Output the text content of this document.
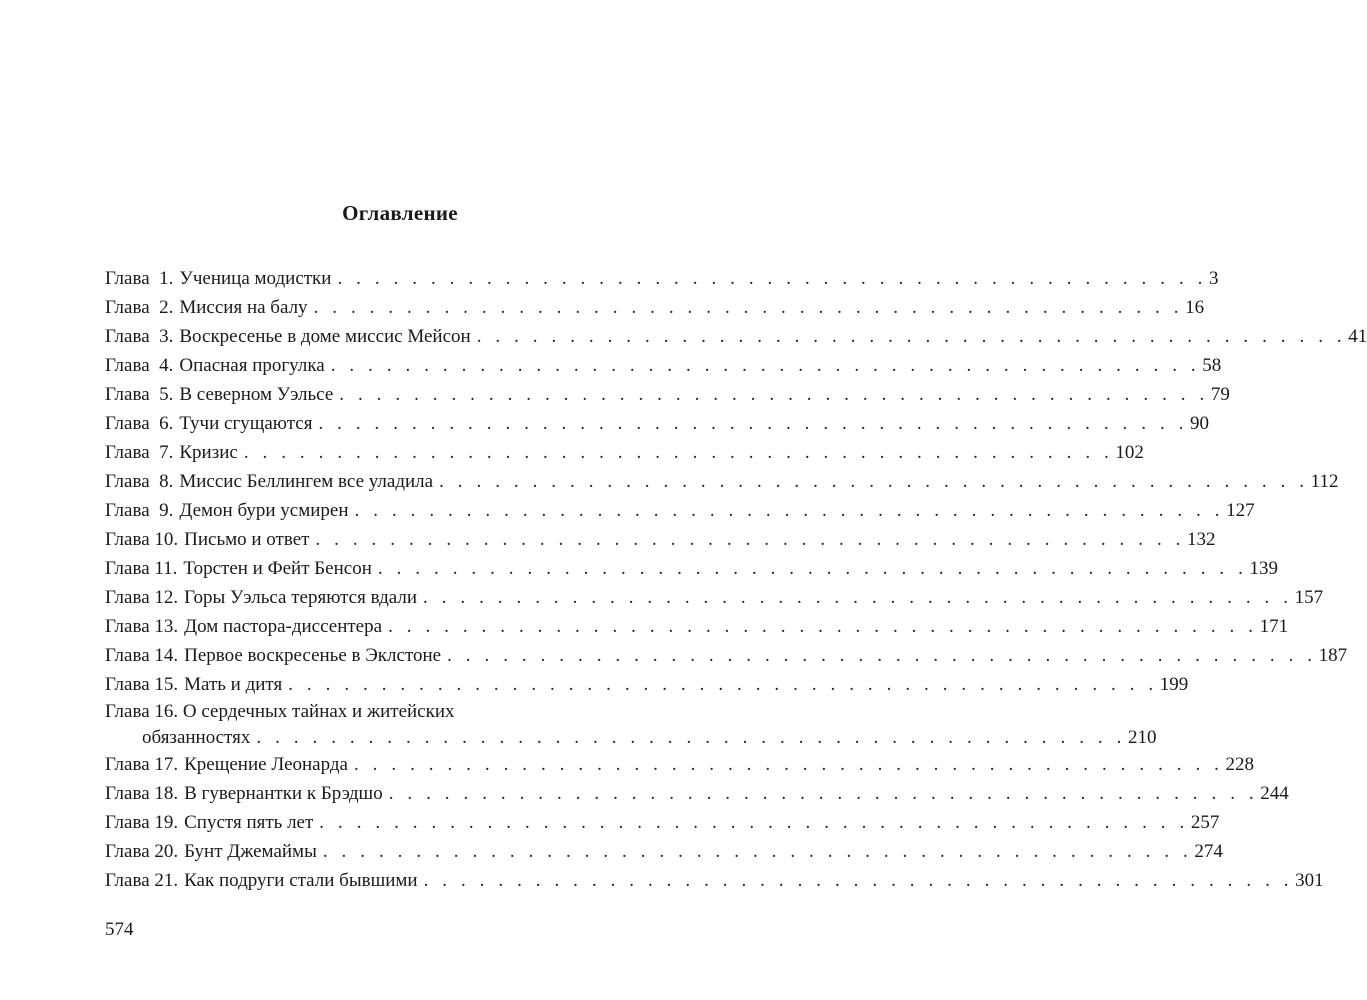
Оглавление
Глава  1. Ученица модистки . . . . . . . . . . . . . . . . . . . . . . . . . . . . . . . . . . . . . . . . . . . . . . . 3
Глава  2. Миссия на балу . . . . . . . . . . . . . . . . . . . . . . . . . . . . . . . . . . . . . . . . . . . . . . . 16
Глава  3. Воскресенье в доме миссис Мейсон . . . . . . . . . . . . . . . . . . . . . . . . . . . . . . . . . . . . . . . . . . . . . . . 41
Глава  4. Опасная прогулка . . . . . . . . . . . . . . . . . . . . . . . . . . . . . . . . . . . . . . . . . . . . . . . 58
Глава  5. В северном Уэльсе . . . . . . . . . . . . . . . . . . . . . . . . . . . . . . . . . . . . . . . . . . . . . . . 79
Глава  6. Тучи сгущаются . . . . . . . . . . . . . . . . . . . . . . . . . . . . . . . . . . . . . . . . . . . . . . . 90
Глава  7. Кризис . . . . . . . . . . . . . . . . . . . . . . . . . . . . . . . . . . . . . . . . . . . . . . . 102
Глава  8. Миссис Беллингем все уладила . . . . . . . . . . . . . . . . . . . . . . . . . . . . . . . . . . . . . . . . . . . . . . . 112
Глава  9. Демон бури усмирен . . . . . . . . . . . . . . . . . . . . . . . . . . . . . . . . . . . . . . . . . . . . . . . 127
Глава 10. Письмо и ответ . . . . . . . . . . . . . . . . . . . . . . . . . . . . . . . . . . . . . . . . . . . . . . . 132
Глава 11. Торстен и Фейт Бенсон . . . . . . . . . . . . . . . . . . . . . . . . . . . . . . . . . . . . . . . . . . . . . . . 139
Глава 12. Горы Уэльса теряются вдали . . . . . . . . . . . . . . . . . . . . . . . . . . . . . . . . . . . . . . . . . . . . . . . 157
Глава 13. Дом пастора-диссентера . . . . . . . . . . . . . . . . . . . . . . . . . . . . . . . . . . . . . . . . . . . . . . . 171
Глава 14. Первое воскресенье в Эклстоне . . . . . . . . . . . . . . . . . . . . . . . . . . . . . . . . . . . . . . . . . . . . . . . 187
Глава 15. Мать и дитя . . . . . . . . . . . . . . . . . . . . . . . . . . . . . . . . . . . . . . . . . . . . . . . 199
Глава 16. О сердечных тайнах и житейских
обязанностях . . . . . . . . . . . . . . . . . . . . . . . . . . . . . . . . . . . . . . . . . . . . . . . 210
Глава 17. Крещение Леонарда . . . . . . . . . . . . . . . . . . . . . . . . . . . . . . . . . . . . . . . . . . . . . . . 228
Глава 18. В гувернантки к Брэдшо . . . . . . . . . . . . . . . . . . . . . . . . . . . . . . . . . . . . . . . . . . . . . . . 244
Глава 19. Спустя пять лет . . . . . . . . . . . . . . . . . . . . . . . . . . . . . . . . . . . . . . . . . . . . . . . 257
Глава 20. Бунт Джемаймы . . . . . . . . . . . . . . . . . . . . . . . . . . . . . . . . . . . . . . . . . . . . . . . 274
Глава 21. Как подруги стали бывшими . . . . . . . . . . . . . . . . . . . . . . . . . . . . . . . . . . . . . . . . . . . . . . . 301
574
